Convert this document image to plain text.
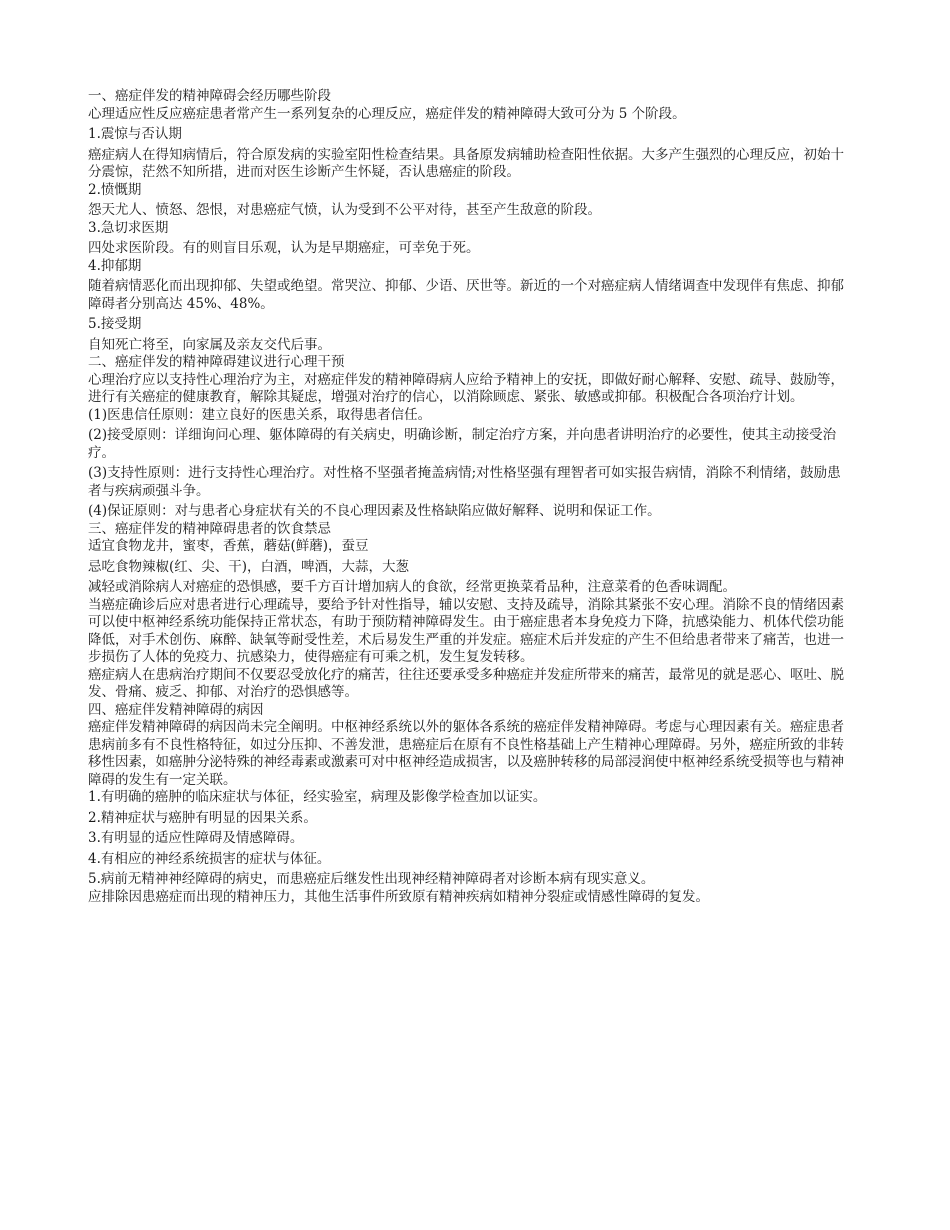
一、癌症伴发的精神障碍会经历哪些阶段

心理适应性反应癌症患者常产生一系列复杂的心理反应，癌症伴发的精神障碍大致可分为 5 个阶段。

1.震惊与否认期

癌症病人在得知病情后，符合原发病的实验室阳性检查结果。具备原发病辅助检查阳性依据。大多产生强烈的心理反应，初始十分震惊，茫然不知所措，进而对医生诊断产生怀疑，否认患癌症的阶段。

2.愤慨期

怨天尤人、愤怒、怨恨，对患癌症气愤，认为受到不公平对待，甚至产生敌意的阶段。

3.急切求医期

四处求医阶段。有的则盲目乐观，认为是早期癌症，可幸免于死。

4.抑郁期

随着病情恶化而出现抑郁、失望或绝望。常哭泣、抑郁、少语、厌世等。新近的一个对癌症病人情绪调查中发现伴有焦虑、抑郁障碍者分别高达 45%、48%。

5.接受期

自知死亡将至，向家属及亲友交代后事。

二、癌症伴发的精神障碍建议进行心理干预

心理治疗应以支持性心理治疗为主，对癌症伴发的精神障碍病人应给予精神上的安抚，即做好耐心解释、安慰、疏导、鼓励等，进行有关癌症的健康教育，解除其疑虑，增强对治疗的信心，以消除顾虑、紧张、敏感或抑郁。积极配合各项治疗计划。

(1)医患信任原则：建立良好的医患关系，取得患者信任。

(2)接受原则：详细询问心理、躯体障碍的有关病史，明确诊断，制定治疗方案，并向患者讲明治疗的必要性，使其主动接受治疗。

(3)支持性原则：进行支持性心理治疗。对性格不坚强者掩盖病情;对性格坚强有理智者可如实报告病情，消除不利情绪，鼓励患者与疾病顽强斗争。

(4)保证原则：对与患者心身症状有关的不良心理因素及性格缺陷应做好解释、说明和保证工作。

三、癌症伴发的精神障碍患者的饮食禁忌

适宜食物龙井，蜜枣，香蕉，蘑菇(鲜蘑)，蚕豆

忌吃食物辣椒(红、尖、干)，白酒，啤酒，大蒜，大葱

减轻或消除病人对癌症的恐惧感，要千方百计增加病人的食欲，经常更换菜肴品种，注意菜肴的色香味调配。

当癌症确诊后应对患者进行心理疏导，要给予针对性指导，辅以安慰、支持及疏导，消除其紧张不安心理。消除不良的情绪因素可以使中枢神经系统功能保持正常状态，有助于预防精神障碍发生。由于癌症患者本身免疫力下降，抗感染能力、机体代偿功能降低，对手术创伤、麻醉、缺氧等耐受性差，术后易发生严重的并发症。癌症术后并发症的产生不但给患者带来了痛苦，也进一步损伤了人体的免疫力、抗感染力，使得癌症有可乘之机，发生复发转移。

癌症病人在患病治疗期间不仅要忍受放化疗的痛苦，往往还要承受多种癌症并发症所带来的痛苦，最常见的就是恶心、呕吐、脱发、骨痛、疲乏、抑郁、对治疗的恐惧感等。

四、癌症伴发精神障碍的病因

癌症伴发精神障碍的病因尚未完全阐明。中枢神经系统以外的躯体各系统的癌症伴发精神障碍。考虑与心理因素有关。癌症患者患病前多有不良性格特征，如过分压抑、不善发泄，患癌症后在原有不良性格基础上产生精神心理障碍。另外，癌症所致的非转移性因素，如癌肿分泌特殊的神经毒素或激素可对中枢神经造成损害，以及癌肿转移的局部浸润使中枢神经系统受损等也与精神障碍的发生有一定关联。

1.有明确的癌肿的临床症状与体征，经实验室，病理及影像学检查加以证实。

2.精神症状与癌肿有明显的因果关系。

3.有明显的适应性障碍及情感障碍。

4.有相应的神经系统损害的症状与体征。

5.病前无精神神经障碍的病史，而患癌症后继发性出现神经精神障碍者对诊断本病有现实意义。

应排除因患癌症而出现的精神压力，其他生活事件所致原有精神疾病如精神分裂症或情感性障碍的复发。
